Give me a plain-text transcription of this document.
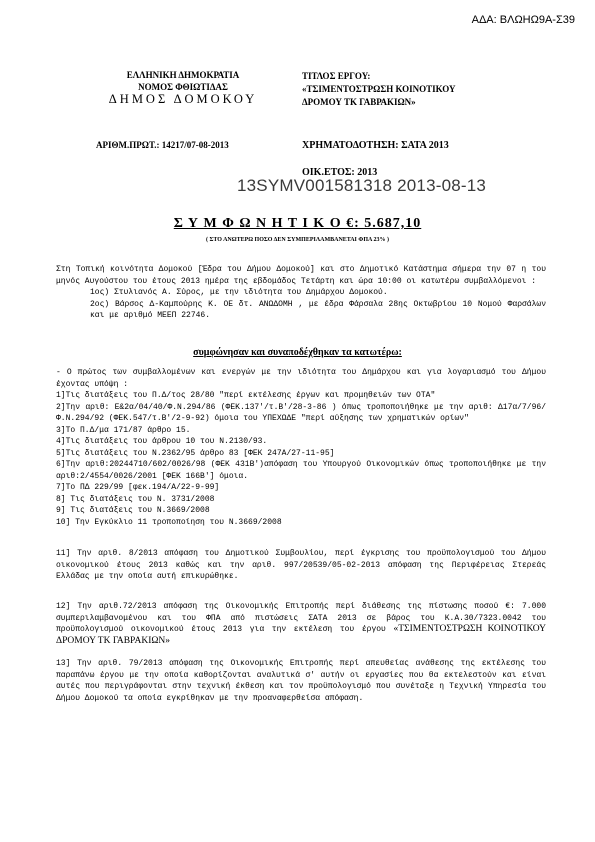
ΑΔΑ: ΒΛΩΗΩ9Α-Σ39
ΕΛΛΗΝΙΚΗ ΔΗΜΟΚΡΑΤΙΑ
ΝΟΜΟΣ ΦΘΙΩΤΙΔΑΣ
ΔΗΜΟΣ ΔΟΜΟΚΟΥ
ΤΙΤΛΟΣ ΕΡΓΟΥ:
«ΤΣΙΜΕΝΤΟΣΤΡΩΣΗ ΚΟΙΝΟΤΙΚΟΥ
ΔΡΟΜΟΥ ΤΚ ΓΑΒΡΑΚΙΩΝ»
ΑΡΙΘΜ.ΠΡΩΤ.: 14217/07-08-2013	ΧΡΗΜΑΤΟΔΟΤΗΣΗ: ΣΑΤΑ 2013
ΟΙΚ.ΕΤΟΣ: 2013
13SYMV001581318 2013-08-13
Σ Υ Μ Φ Ω Ν Η Τ Ι Κ Ο €: 5.687,10
( ΣΤΟ ΑΝΩΤΕΡΩ ΠΟΣΟ ΔΕΝ ΣΥΜΠΕΡΙΛΑΜΒΑΝΕΤΑΙ ΦΠΑ 23% )
Στη Τοπική κοινότητα Δομοκού [Έδρα του Δήμου Δομοκού] και στο Δημοτικό Κατάστημα σήμερα την 07 η του μηνός Αυγούστου του έτους 2013 ημέρα της εβδομάδος Τετάρτη και ώρα 10:00 οι κατωτέρω συμβαλλόμενοι :
1ος) Στυλιανός Α. Σύρος, με την ιδιότητα του Δημάρχου Δομοκού.
2ος) Βάρσος Δ-Καμπούρης Κ. ΟΕ δτ. ΑΝΩΔΟΜΗ , με έδρα Φάρσαλα 28ης Οκτωβρίου 10 Νομού Φαρσάλων και με αριθμό ΜΕΕΠ 22746.
συμφώνησαν και συναποδέχθηκαν τα κατωτέρω:
- Ο πρώτος των συμβαλλομένων και ενεργών με την ιδιότητα του Δημάρχου και για λογαριασμό του Δήμου έχοντας υπόψη :
1]Τις διατάξεις του Π.Δ/τος 28/80 "περί εκτέλεσης έργων και προμηθειών των ΟΤΑ"
2]Την αριθ: Ε&2α/04/40/Φ.Ν.294/86 (ΦΕΚ.137'/τ.Β'/28-3-86 ) όπως τροποποιήθηκε με την αριθ: Δ17α/7/96/Φ.Ν.294/92 (ΦΕΚ.547/τ.Β'/2-9-92) όμοια του ΥΠΕΧΩΔΕ "περί αύξησης των χρηματικών ορίων"
3]Το Π.Δ/μα 171/87 άρθρο 15.
4]Τις διατάξεις του άρθρου 10 του Ν.2130/93.
5]Τις διατάξεις του Ν.2362/95 άρθρο 83 [ΦΕΚ 247Α/27-11-95]
6]Την αριθ:20244710/602/0026/98 (ΦΕΚ 431Β')απόφαση του Υπουργού Οικονομικών όπως τροποποιήθηκε με την αριθ:2/4554/0026/2001 [ΦΕΚ 166Β'] όμοια.
7]Το ΠΔ 229/99 [φεκ.194/Α/22-9-99]
8] Τις διατάξεις του Ν. 3731/2008
9] Τις διατάξεις του Ν.3669/2008
10] Την Εγκύκλιο 11 τροποποίηση του Ν.3669/2008
11] Την αριθ. 8/2013 απόφαση του Δημοτικού Συμβουλίου, περί έγκρισης του προϋπολογισμού του Δήμου οικονομικού έτους 2013 καθώς και την αριθ. 997/20539/05-02-2013 απόφαση της Περιφέρειας Στερεάς Ελλάδας με την οποία αυτή επικυρώθηκε.
12] Την αριθ.72/2013 απόφαση της Οικονομικής Επιτροπής περί διάθεσης της πίστωσης ποσού €: 7.000 συμπεριλαμβανομένου και του ΦΠΑ από πιστώσεις ΣΑΤΑ 2013 σε βάρος του Κ.Α.30/7323.0042 του προϋπολογισμού οικονομικού έτους 2013 για την εκτέλεση του έργου «ΤΣΙΜΕΝΤΟΣΤΡΩΣΗ ΚΟΙΝΟΤΙΚΟΥ ΔΡΟΜΟΥ ΤΚ ΓΑΒΡΑΚΙΩΝ»
13] Την αριθ. 79/2013 απόφαση της Οικονομικής Επιτροπής περί απευθείας ανάθεσης της εκτέλεσης του παραπάνω έργου με την οποία καθορίζονται αναλυτικά σ' αυτήν οι εργασίες που θα εκτελεστούν και είναι αυτές που περιγράφονται στην τεχνική έκθεση και τον προϋπολογισμό που συνέταξε η Τεχνική Υπηρεσία του Δήμου Δομοκού τα οποία εγκρίθηκαν με την προαναφερθείσα απόφαση.
